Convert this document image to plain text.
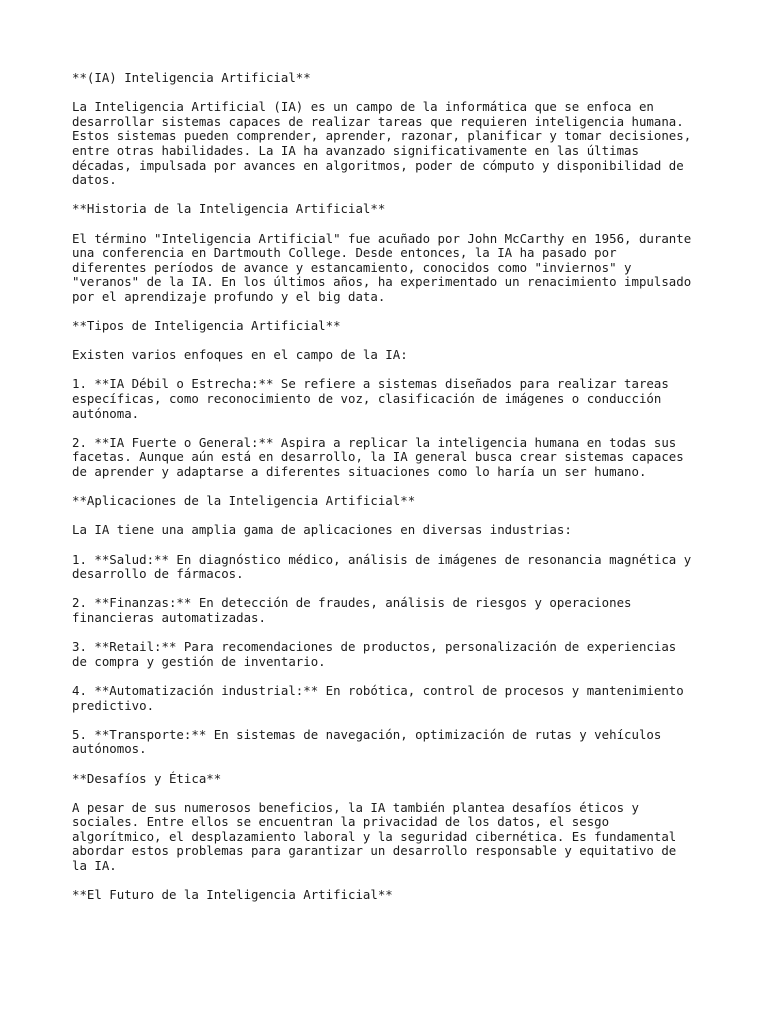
**(IA) Inteligencia Artificial**

La Inteligencia Artificial (IA) es un campo de la informática que se enfoca en
desarrollar sistemas capaces de realizar tareas que requieren inteligencia humana.
Estos sistemas pueden comprender, aprender, razonar, planificar y tomar decisiones,
entre otras habilidades. La IA ha avanzado significativamente en las últimas
décadas, impulsada por avances en algoritmos, poder de cómputo y disponibilidad de
datos.

**Historia de la Inteligencia Artificial**

El término "Inteligencia Artificial" fue acuñado por John McCarthy en 1956, durante
una conferencia en Dartmouth College. Desde entonces, la IA ha pasado por
diferentes períodos de avance y estancamiento, conocidos como "inviernos" y
"veranos" de la IA. En los últimos años, ha experimentado un renacimiento impulsado
por el aprendizaje profundo y el big data.

**Tipos de Inteligencia Artificial**

Existen varios enfoques en el campo de la IA:

1. **IA Débil o Estrecha:** Se refiere a sistemas diseñados para realizar tareas
específicas, como reconocimiento de voz, clasificación de imágenes o conducción
autónoma.

2. **IA Fuerte o General:** Aspira a replicar la inteligencia humana en todas sus
facetas. Aunque aún está en desarrollo, la IA general busca crear sistemas capaces
de aprender y adaptarse a diferentes situaciones como lo haría un ser humano.

**Aplicaciones de la Inteligencia Artificial**

La IA tiene una amplia gama de aplicaciones en diversas industrias:

1. **Salud:** En diagnóstico médico, análisis de imágenes de resonancia magnética y
desarrollo de fármacos.

2. **Finanzas:** En detección de fraudes, análisis de riesgos y operaciones
financieras automatizadas.

3. **Retail:** Para recomendaciones de productos, personalización de experiencias
de compra y gestión de inventario.

4. **Automatización industrial:** En robótica, control de procesos y mantenimiento
predictivo.

5. **Transporte:** En sistemas de navegación, optimización de rutas y vehículos
autónomos.

**Desafíos y Ética**

A pesar de sus numerosos beneficios, la IA también plantea desafíos éticos y
sociales. Entre ellos se encuentran la privacidad de los datos, el sesgo
algorítmico, el desplazamiento laboral y la seguridad cibernética. Es fundamental
abordar estos problemas para garantizar un desarrollo responsable y equitativo de
la IA.

**El Futuro de la Inteligencia Artificial**
